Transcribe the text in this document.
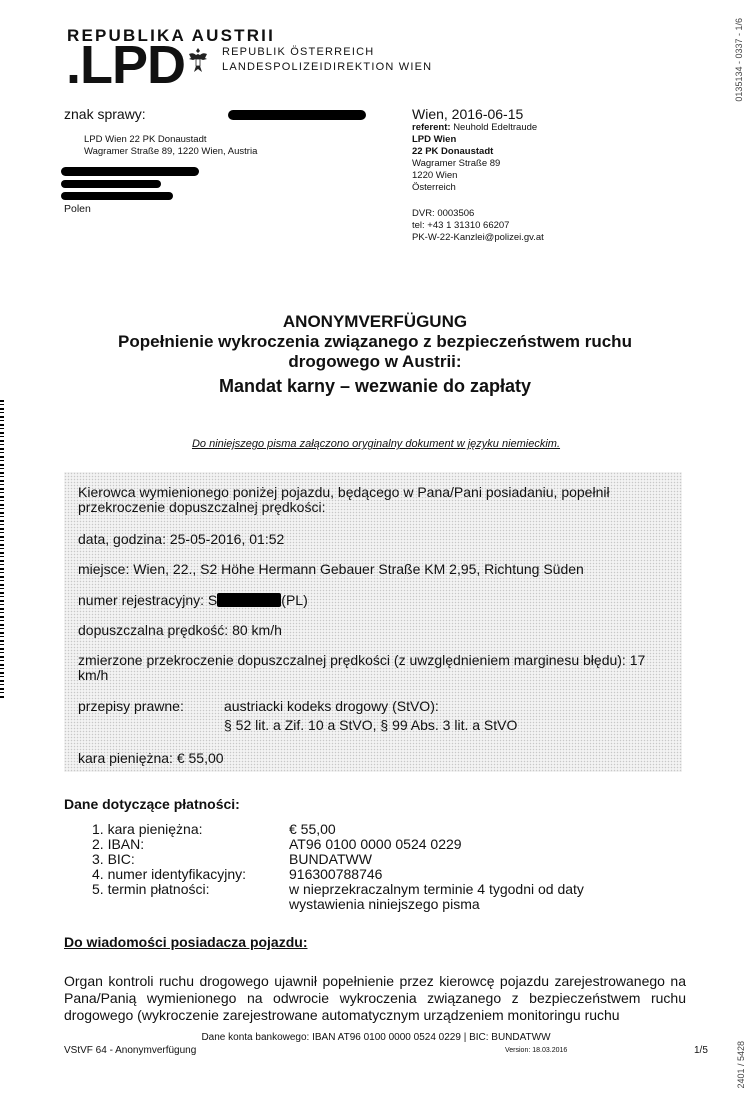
0135134 - 0337 - 1/6
2401 / 5428
REPUBLIKA AUSTRII
.LPD	REPUBLIK ÖSTERREICH
LANDESPOLIZEIDIREKTION WIEN
znak sprawy:
LPD Wien 22 PK Donaustadt
Wagramer Straße 89, 1220 Wien, Austria
Polen
Wien, 2016-06-15
referent: Neuhold Edeltraude
LPD Wien
22 PK Donaustadt
Wagramer Straße 89
1220 Wien
Österreich
DVR: 0003506
tel: +43 1 31310 66207
PK-W-22-Kanzlei@polizei.gv.at
ANONYMVERFÜGUNG
Popełnienie wykroczenia związanego z bezpieczeństwem ruchu
drogowego w Austrii:
Mandat karny – wezwanie do zapłaty
Do niniejszego pisma załączono oryginalny dokument w języku niemieckim.
Kierowca wymienionego poniżej pojazdu, będącego w Pana/Pani posiadaniu, popełnił
przekroczenie dopuszczalnej prędkości:
data, godzina: 25-05-2016, 01:52
miejsce: Wien, 22., S2 Höhe Hermann Gebauer Straße KM 2,95, Richtung Süden
numer rejestracyjny: S	(PL)
dopuszczalna prędkość: 80 km/h
zmierzone przekroczenie dopuszczalnej prędkości (z uwzględnieniem marginesu błędu): 17
km/h
przepisy prawne:	austriacki kodeks drogowy (StVO):
§ 52 lit. a Zif. 10 a StVO, § 99 Abs. 3 lit. a StVO
kara pieniężna: € 55,00
Dane dotyczące płatności:
1. kara pieniężna:	€ 55,00
2. IBAN:	AT96 0100 0000 0524 0229
3. BIC:	BUNDATWW
4. numer identyfikacyjny:	916300788746
5. termin płatności:	w nieprzekraczalnym terminie 4 tygodni od daty
wystawienia niniejszego pisma
Do wiadomości posiadacza pojazdu:
Organ kontroli ruchu drogowego ujawnił popełnienie przez kierowcę pojazdu zarejestrowanego na Pana/Panią wymienionego na odwrocie wykroczenia związanego z bezpieczeństwem ruchu drogowego (wykroczenie zarejestrowane automatycznym urządzeniem monitoringu ruchu
Dane konta bankowego: IBAN AT96 0100 0000 0524 0229 | BIC: BUNDATWW
VStVF 64 - Anonymverfügung	Version: 18.03.2016	1/5
